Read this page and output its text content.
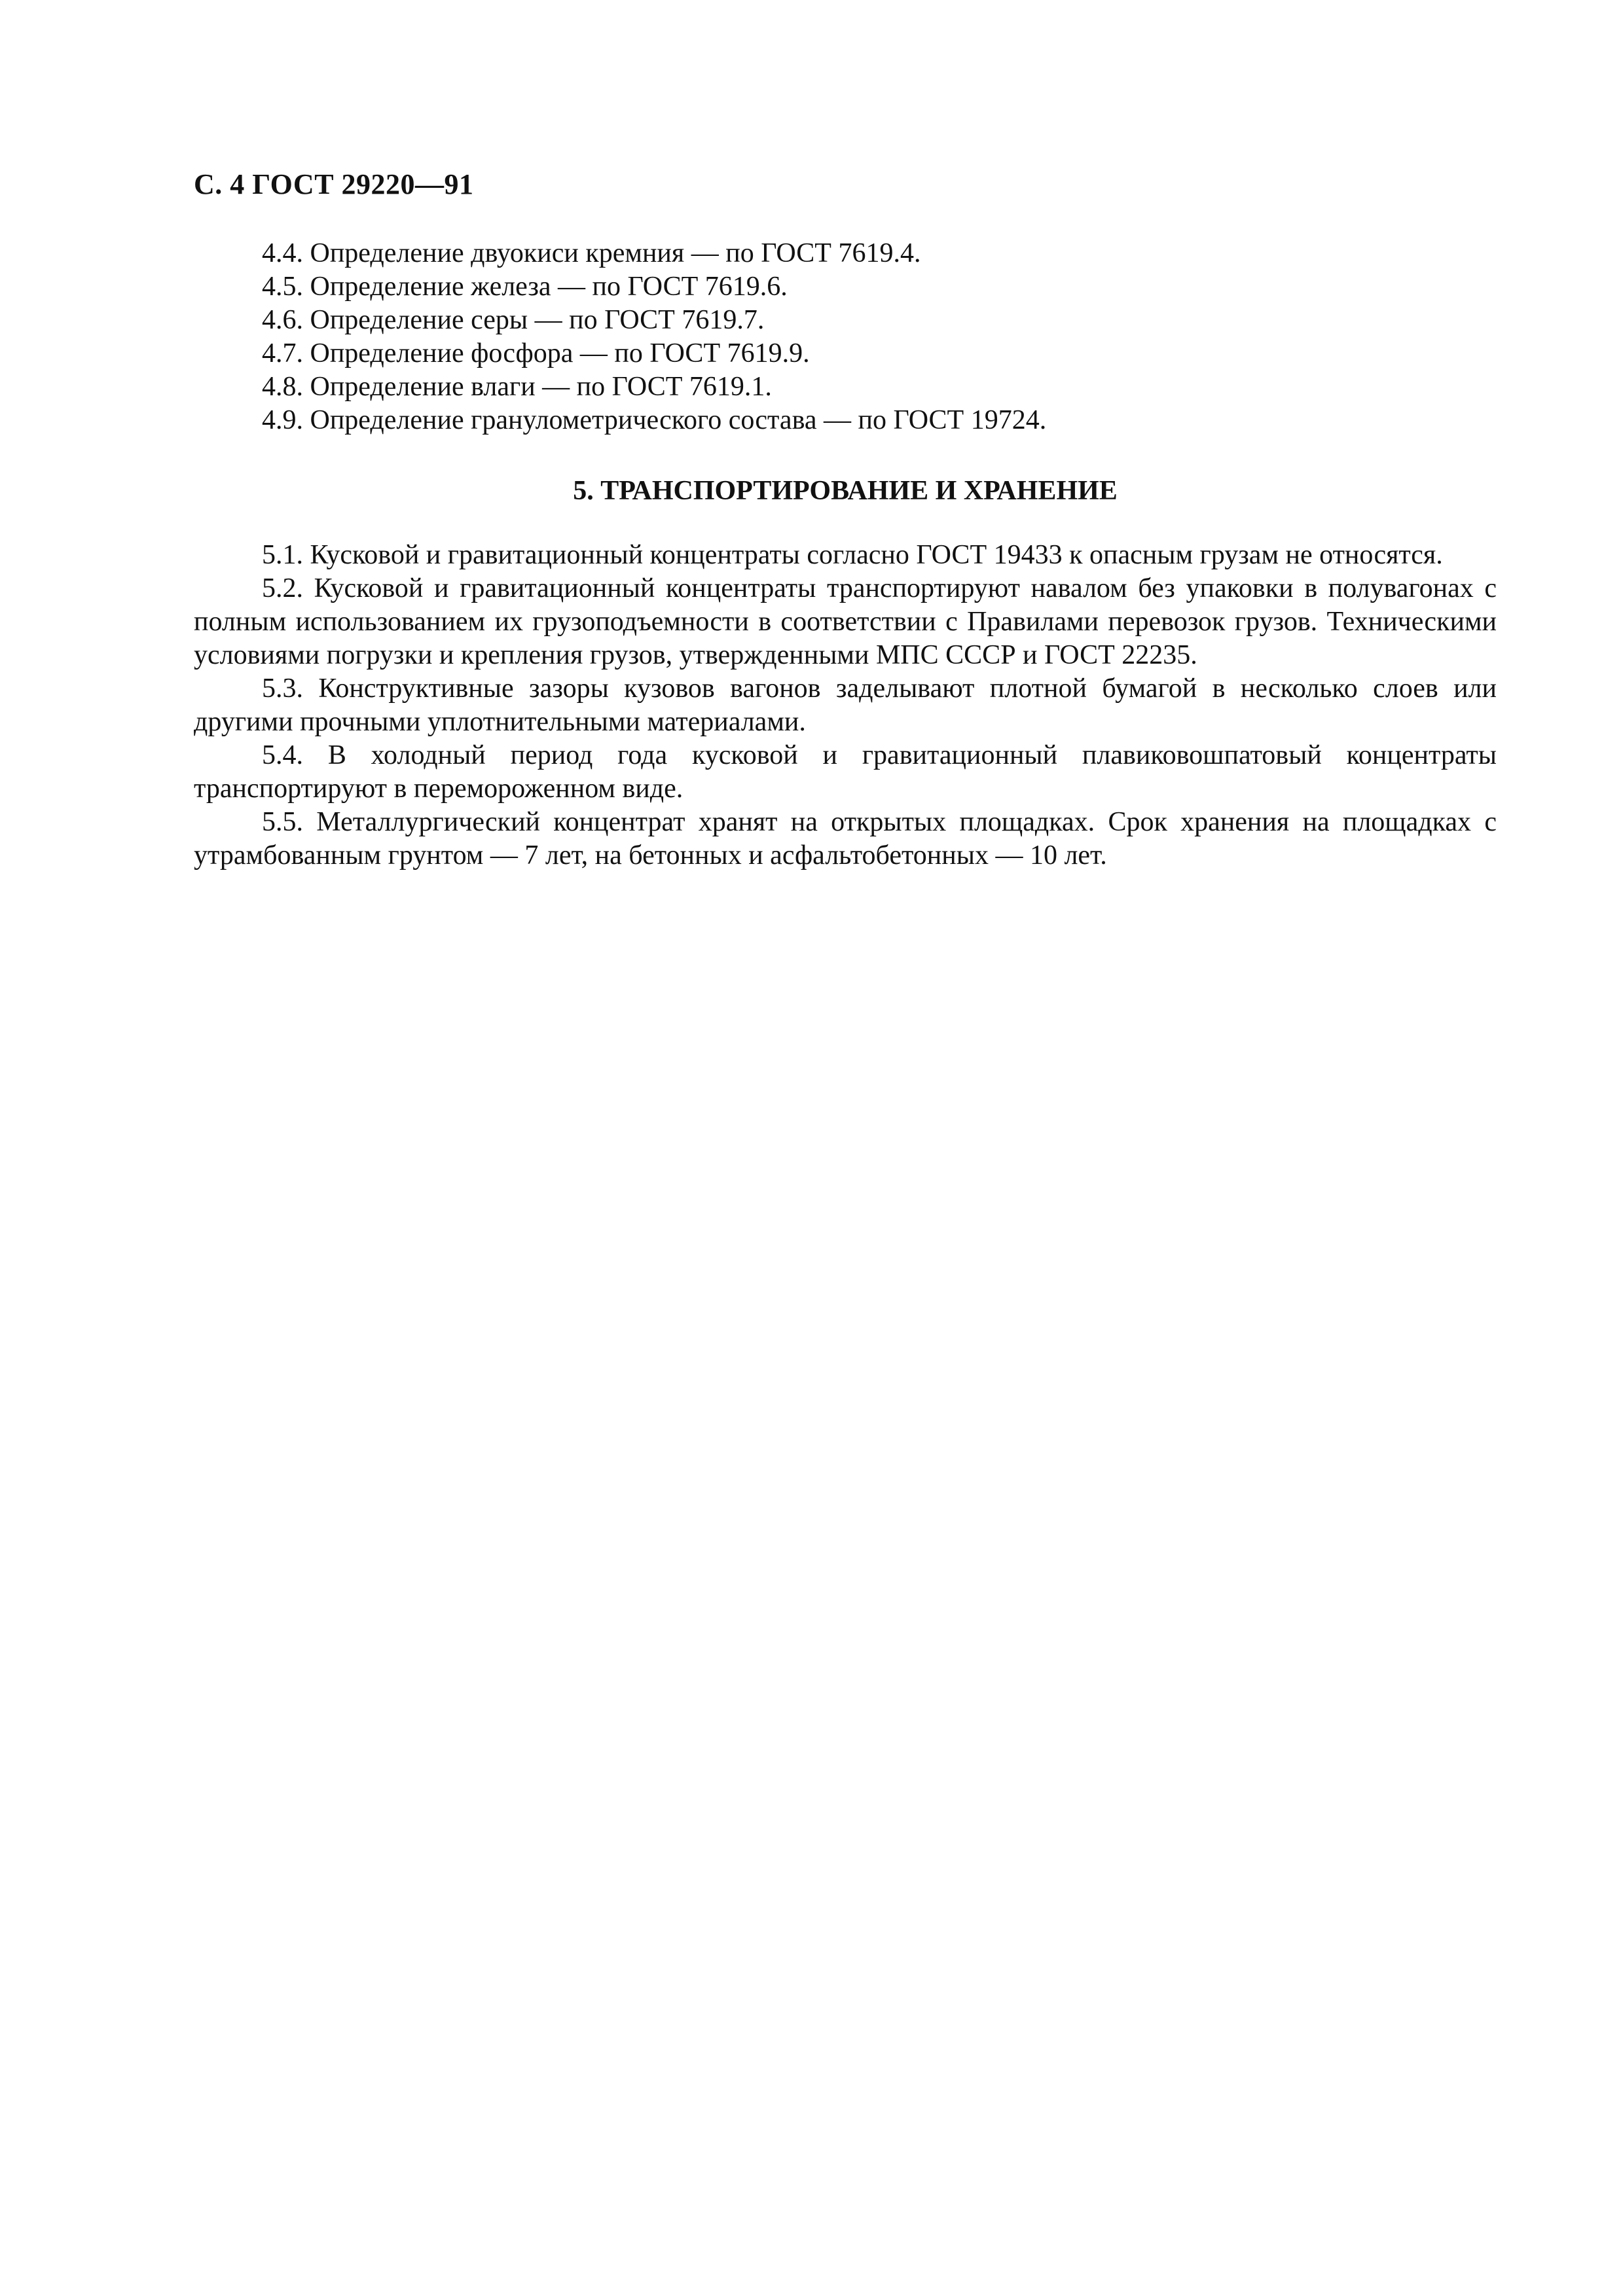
С. 4 ГОСТ 29220—91
4.4. Определение двуокиси кремния — по ГОСТ 7619.4.
4.5. Определение железа — по ГОСТ 7619.6.
4.6. Определение серы — по ГОСТ 7619.7.
4.7. Определение фосфора — по ГОСТ 7619.9.
4.8. Определение влаги — по ГОСТ 7619.1.
4.9. Определение гранулометрического состава — по ГОСТ 19724.
5. ТРАНСПОРТИРОВАНИЕ И ХРАНЕНИЕ

5.1. Кусковой и гравитационный концентраты согласно ГОСТ 19433 к опасным грузам не относятся.

5.2. Кусковой и гравитационный концентраты транспортируют навалом без упаковки в полувагонах с полным использованием их грузоподъемности в соответствии с Правилами перевозок грузов. Техническими условиями погрузки и крепления грузов, утвержденными МПС СССР и ГОСТ 22235.

5.3. Конструктивные зазоры кузовов вагонов заделывают плотной бумагой в несколько слоев или другими прочными уплотнительными материалами.

5.4. В холодный период года кусковой и гравитационный плавиковошпатовый концентраты транспортируют в перемороженном виде.

5.5. Металлургический концентрат хранят на открытых площадках. Срок хранения на площадках с утрамбованным грунтом — 7 лет, на бетонных и асфальтобетонных — 10 лет.
